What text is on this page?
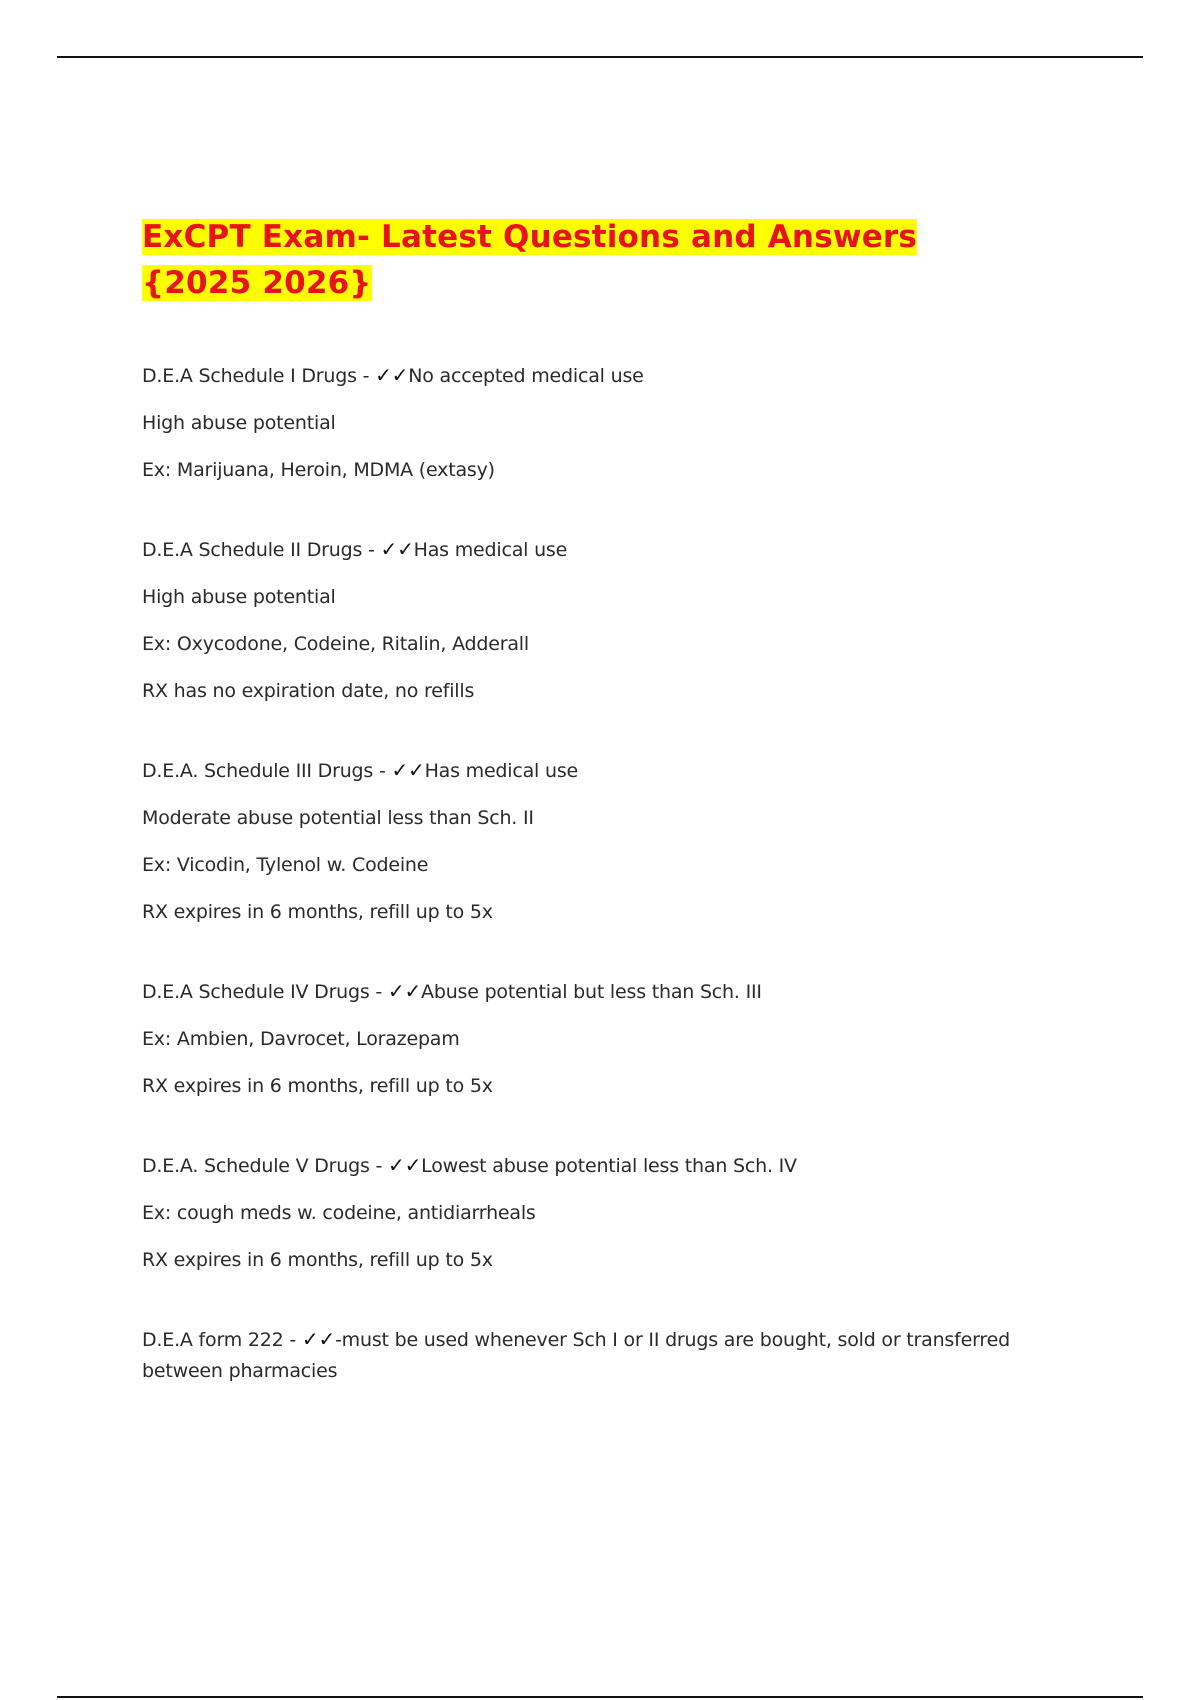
ExCPT Exam- Latest Questions and Answers {2025 2026}
D.E.A Schedule I Drugs - ✓✓No accepted medical use
High abuse potential
Ex: Marijuana, Heroin, MDMA (extasy)
D.E.A Schedule II Drugs - ✓✓Has medical use
High abuse potential
Ex: Oxycodone, Codeine, Ritalin, Adderall
RX has no expiration date, no refills
D.E.A. Schedule III Drugs - ✓✓Has medical use
Moderate abuse potential less than Sch. II
Ex: Vicodin, Tylenol w. Codeine
RX expires in 6 months, refill up to 5x
D.E.A Schedule IV Drugs - ✓✓Abuse potential but less than Sch. III
Ex: Ambien, Davrocet, Lorazepam
RX expires in 6 months, refill up to 5x
D.E.A. Schedule V Drugs - ✓✓Lowest abuse potential less than Sch. IV
Ex: cough meds w. codeine, antidiarrheals
RX expires in 6 months, refill up to 5x
D.E.A form 222 - ✓✓-must be used whenever Sch I or II drugs are bought, sold or transferred between pharmacies
